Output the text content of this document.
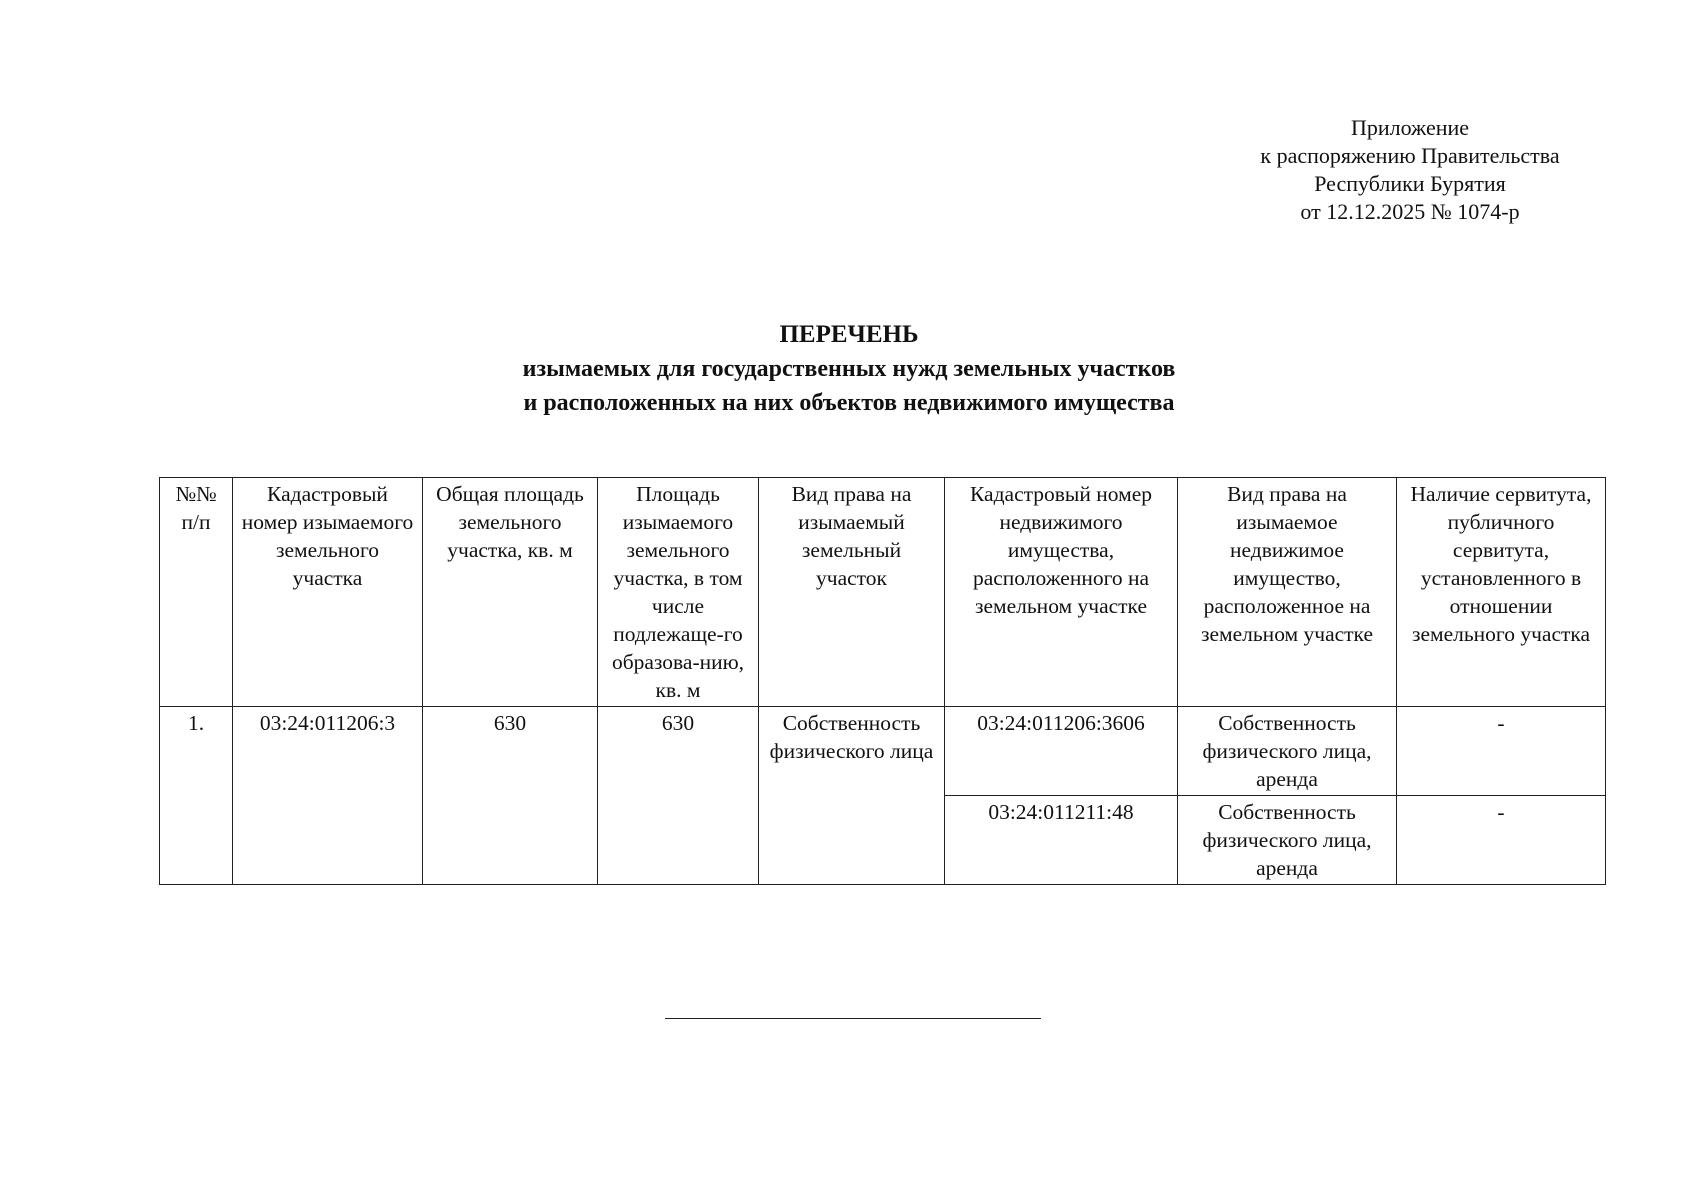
Приложение
к распоряжению Правительства
Республики Бурятия
от 12.12.2025 № 1074-р
ПЕРЕЧЕНЬ
изымаемых для государственных нужд земельных участков
и расположенных на них объектов недвижимого имущества
№№ п/п	Кадастровый номер изымаемого земельного участка	Общая площадь земельного участка, кв. м	Площадь изымаемого земельного участка, в том числе подлежаще-го образова-нию, кв. м	Вид права на изымаемый земельный участок	Кадастровый номер недвижимого имущества, расположенного на земельном участке	Вид права на изымаемое недвижимое имущество, расположенное на земельном участке	Наличие сервитута, публичного сервитута, установленного в отношении земельного участка
1.	03:24:011206:3	630	630	Собственность физического лица	03:24:011206:3606	Собственность физического лица, аренда	-
					03:24:011211:48	Собственность физического лица, аренда	-
